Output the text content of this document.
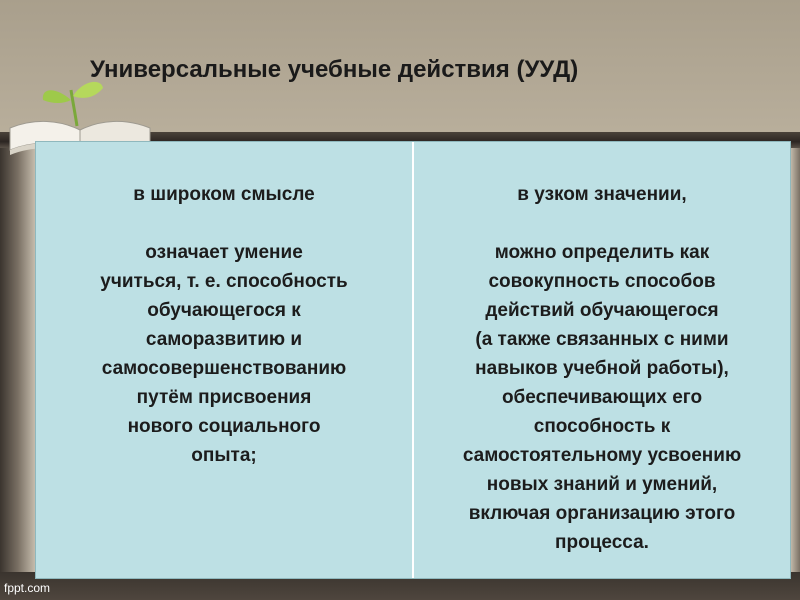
Универсальные учебные действия (УУД)
в широком смысле
означает умение
учиться, т. е. способность
обучающегося к
саморазвитию и
самосовершенствованию
путём присвоения
нового социального
опыта;
в узком значении,
можно определить как
совокупность способов
действий обучающегося
(а также связанных с ними
навыков учебной работы),
обеспечивающих его
способность к
самостоятельному усвоению
новых знаний и умений,
включая организацию этого
процесса.
fppt.com
